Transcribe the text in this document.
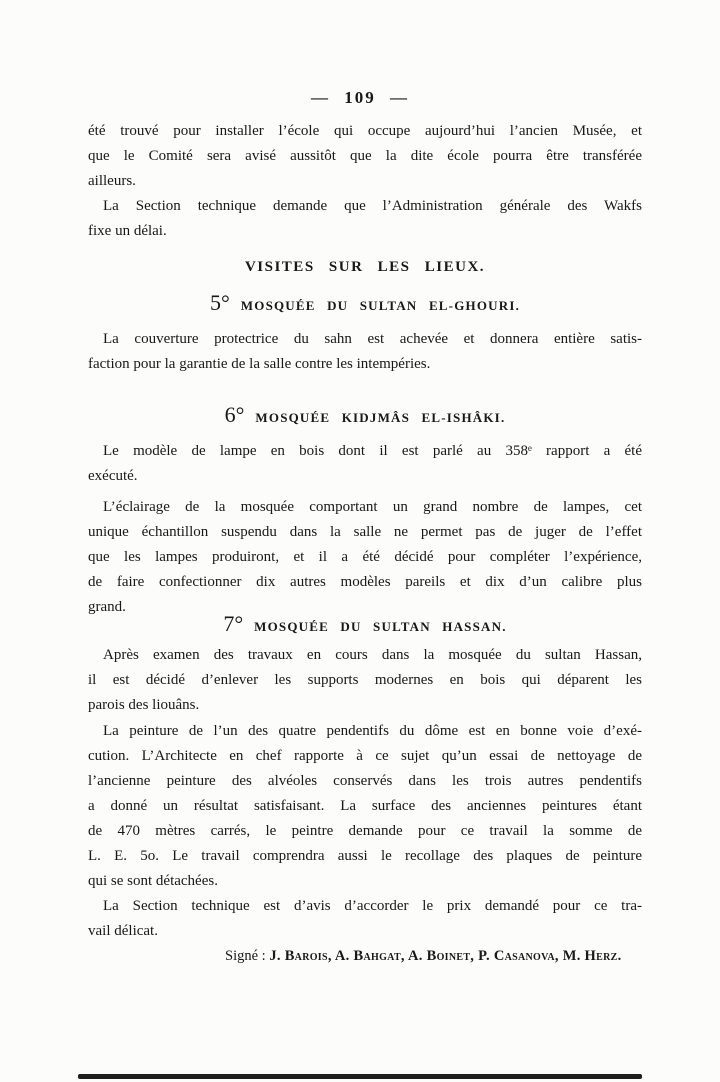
— 109 —
été trouvé pour installer l’école qui occupe aujourd’hui l’ancien Musée, et
que le Comité sera avisé aussitôt que la dite école pourra être transférée
ailleurs.
La Section technique demande que l’Administration générale des Wakfs
fixe un délai.
VISITES SUR LES LIEUX.
5° MOSQUÉE DU SULTAN EL-GHOURI.
La couverture protectrice du sahn est achevée et donnera entière satis-
faction pour la garantie de la salle contre les intempéries.
6° MOSQUÉE KIDJMÂS EL-ISHÂKI.
Le modèle de lampe en bois dont il est parlé au 358ᵉ rapport a été
exécuté.
L’éclairage de la mosquée comportant un grand nombre de lampes, cet
unique échantillon suspendu dans la salle ne permet pas de juger de l’effet
que les lampes produiront, et il a été décidé pour compléter l’expérience,
de faire confectionner dix autres modèles pareils et dix d’un calibre plus
grand.
7° MOSQUÉE DU SULTAN HASSAN.
Après examen des travaux en cours dans la mosquée du sultan Hassan,
il est décidé d’enlever les supports modernes en bois qui déparent les
parois des liouâns.
La peinture de l’un des quatre pendentifs du dôme est en bonne voie d’exé-
cution. L’Architecte en chef rapporte à ce sujet qu’un essai de nettoyage de
l’ancienne peinture des alvéoles conservés dans les trois autres pendentifs
a donné un résultat satisfaisant. La surface des anciennes peintures étant
de 470 mètres carrés, le peintre demande pour ce travail la somme de
L. E. 5o. Le travail comprendra aussi le recollage des plaques de peinture
qui se sont détachées.
La Section technique est d’avis d’accorder le prix demandé pour ce tra-
vail délicat.
Signé : J. Barois, A. Bahgat, A. Boinet, P. Casanova, M. Herz.
